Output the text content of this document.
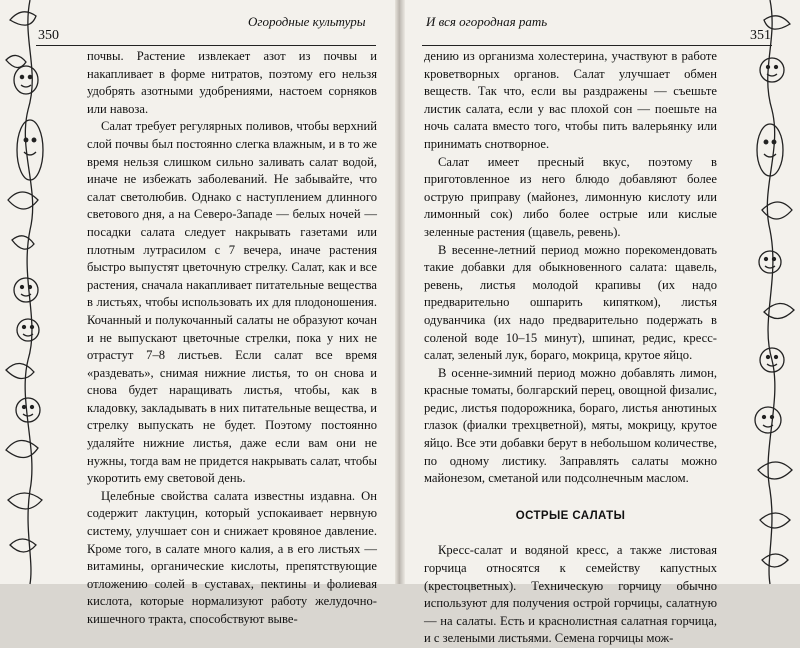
Огородные культуры
350

почвы. Растение извлекает азот из почвы и накапливает в форме нитратов, поэтому его нельзя удобрять азотными удобрениями, настоем сорняков или навоза.

Салат требует регулярных поливов, чтобы верхний слой почвы был постоянно слегка влажным, и в то же время нельзя слишком сильно заливать салат водой, иначе не избежать заболеваний. Не забывайте, что салат светолюбив. Однако с наступлением длинного светового дня, а на Северо-Западе — белых ночей — посадки салата следует накрывать газетами или плотным лутрасилом с 7 вечера, иначе растения быстро выпустят цветочную стрелку. Салат, как и все растения, сначала накапливает питательные вещества в листьях, чтобы использовать их для плодоношения. Кочанный и полукочанный салаты не образуют кочан и не выпускают цветочные стрелки, пока у них не отрастут 7–8 листьев. Если салат все время «раздевать», снимая нижние листья, то он снова и снова будет наращивать листья, чтобы, как в кладовку, закладывать в них питательные вещества, и стрелку выпускать не будет. Поэтому постоянно удаляйте нижние листья, даже если вам они не нужны, тогда вам не придется накрывать салат, чтобы укоротить ему световой день.

Целебные свойства салата известны издавна. Он содержит лактуцин, который успокаивает нервную систему, улучшает сон и снижает кровяное давление. Кроме того, в салате много калия, а в его листьях — витамины, органические кислоты, препятствующие отложению солей в суставах, пектины и фолиевая кислота, которые нормализуют работу желудочно-кишечного тракта, способствуют выве-

И вся огородная рать
351

дению из организма холестерина, участвуют в работе кроветворных органов. Салат улучшает обмен веществ. Так что, если вы раздражены — съешьте листик салата, если у вас плохой сон — поешьте на ночь салата вместо того, чтобы пить валерьянку или принимать снотворное.

Салат имеет пресный вкус, поэтому в приготовленное из него блюдо добавляют более острую приправу (майонез, лимонную кислоту или лимонный сок) либо более острые или кислые зеленные растения (щавель, ревень).

В весенне-летний период можно порекомендовать такие добавки для обыкновенного салата: щавель, ревень, листья молодой крапивы (их надо предварительно ошпарить кипятком), листья одуванчика (их надо предварительно подержать в соленой воде 10–15 минут), шпинат, редис, кресс-салат, зеленый лук, бораго, мокрица, крутое яйцо.

В осенне-зимний период можно добавлять лимон, красные томаты, болгарский перец, овощной физалис, редис, листья подорожника, бораго, листья анютиных глазок (фиалки трехцветной), мяты, мокрицу, крутое яйцо. Все эти добавки берут в небольшом количестве, по одному листику. Заправлять салаты можно майонезом, сметаной или подсолнечным маслом.

ОСТРЫЕ САЛАТЫ

Кресс-салат и водяной кресс, а также листовая горчица относятся к семейству капустных (крестоцветных). Техническую горчицу обычно используют для получения острой горчицы, салатную — на салаты. Есть и краснолистная салатная горчица, и с зелеными листьями. Семена горчицы мож-
